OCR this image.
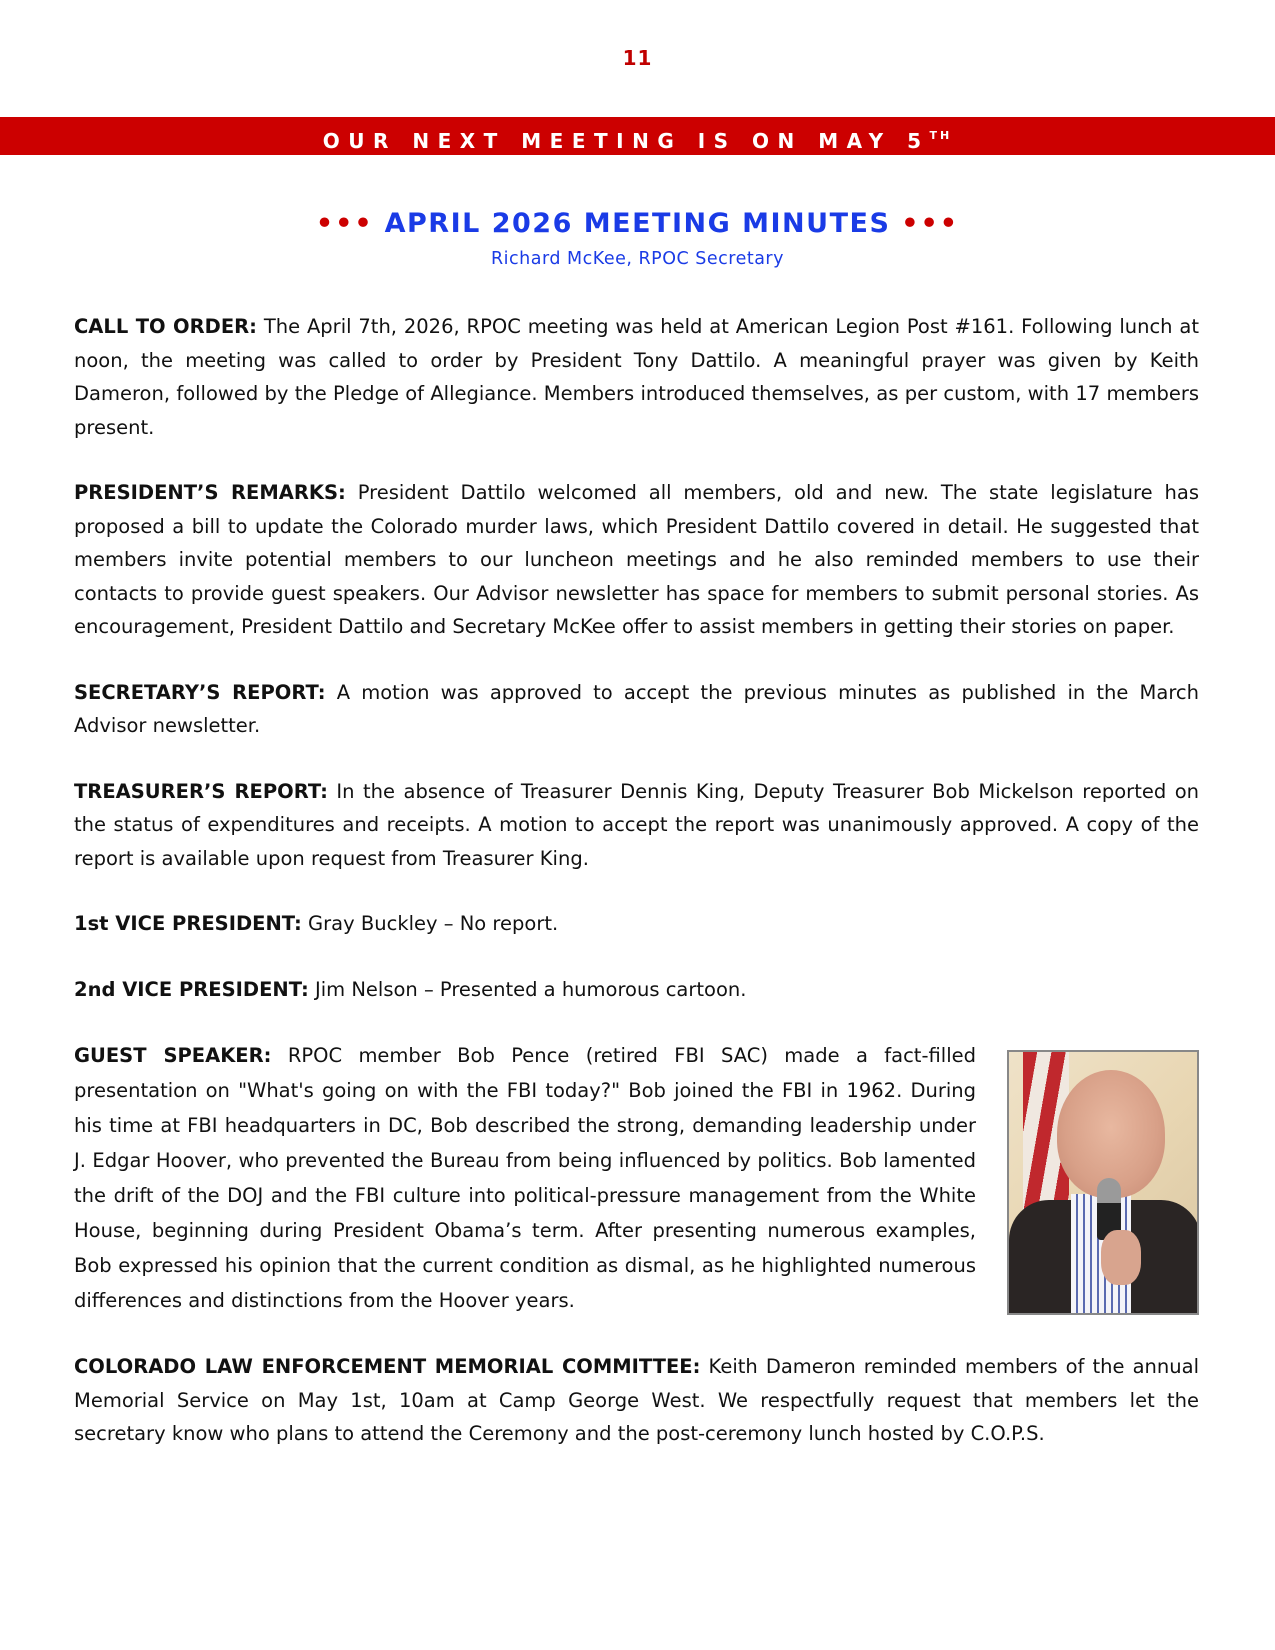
11
OUR NEXT MEETING IS ON MAY 5TH
••• APRIL 2026 MEETING MINUTES •••
Richard McKee, RPOC Secretary

CALL TO ORDER: The April 7th, 2026, RPOC meeting was held at American Legion Post #161. Following lunch at noon, the meeting was called to order by President Tony Dattilo. A meaningful prayer was given by Keith Dameron, followed by the Pledge of Allegiance. Members introduced themselves, as per custom, with 17 members present.

PRESIDENT’S REMARKS: President Dattilo welcomed all members, old and new. The state legislature has proposed a bill to update the Colorado murder laws, which President Dattilo covered in detail. He suggested that members invite potential members to our luncheon meetings and he also reminded members to use their contacts to provide guest speakers. Our Advisor newsletter has space for members to submit personal stories. As encouragement, President Dattilo and Secretary McKee offer to assist members in getting their stories on paper.

SECRETARY’S REPORT: A motion was approved to accept the previous minutes as published in the March Advisor newsletter.

TREASURER’S REPORT: In the absence of Treasurer Dennis King, Deputy Treasurer Bob Mickelson reported on the status of expenditures and receipts. A motion to accept the report was unanimously approved. A copy of the report is available upon request from Treasurer King.

1st VICE PRESIDENT: Gray Buckley – No report.

2nd VICE PRESIDENT: Jim Nelson – Presented a humorous cartoon.

GUEST SPEAKER: RPOC member Bob Pence (retired FBI SAC) made a fact-filled presentation on "What's going on with the FBI today?" Bob joined the FBI in 1962. During his time at FBI headquarters in DC, Bob described the strong, demanding leadership under J. Edgar Hoover, who prevented the Bureau from being influenced by politics. Bob lamented the drift of the DOJ and the FBI culture into political-pressure management from the White House, beginning during President Obama’s term. After presenting numerous examples, Bob expressed his opinion that the current condition as dismal, as he highlighted numerous differences and distinctions from the Hoover years.

COLORADO LAW ENFORCEMENT MEMORIAL COMMITTEE: Keith Dameron reminded members of the annual Memorial Service on May 1st, 10am at Camp George West. We respectfully request that members let the secretary know who plans to attend the Ceremony and the post-ceremony lunch hosted by C.O.P.S.
